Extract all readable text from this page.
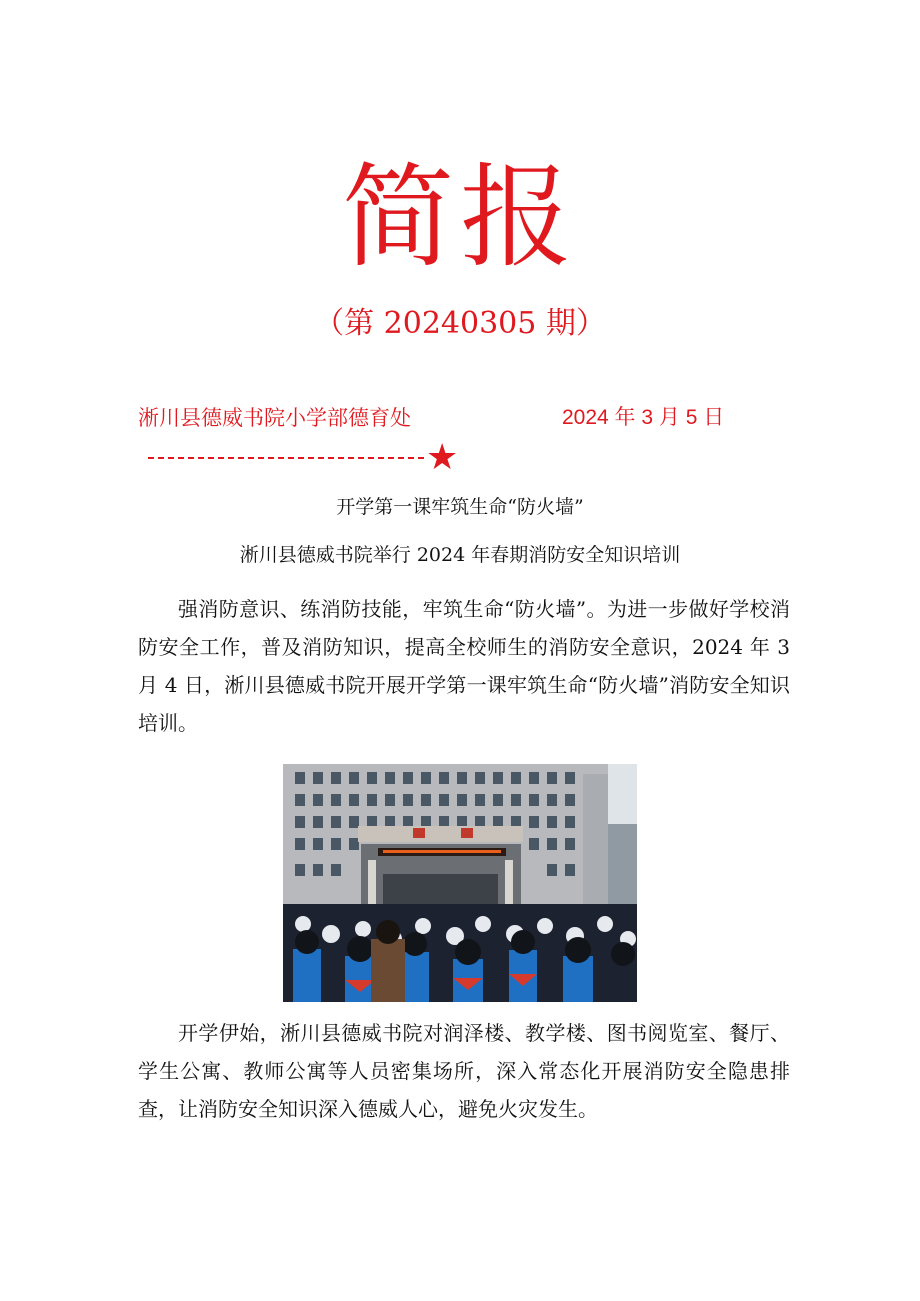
简报
（第 20240305 期）
淅川县德威书院小学部德育处	2024 年 3 月 5 日
★
开学第一课牢筑生命“防火墙”
淅川县德威书院举行 2024 年春期消防安全知识培训

强消防意识、练消防技能，牢筑生命“防火墙”。为进一步做好学校消防安全工作，普及消防知识，提高全校师生的消防安全意识，2024 年 3 月 4 日，淅川县德威书院开展开学第一课牢筑生命“防火墙”消防安全知识培训。

开学伊始，淅川县德威书院对润泽楼、教学楼、图书阅览室、餐厅、学生公寓、教师公寓等人员密集场所，深入常态化开展消防安全隐患排查，让消防安全知识深入德威人心，避免火灾发生。
